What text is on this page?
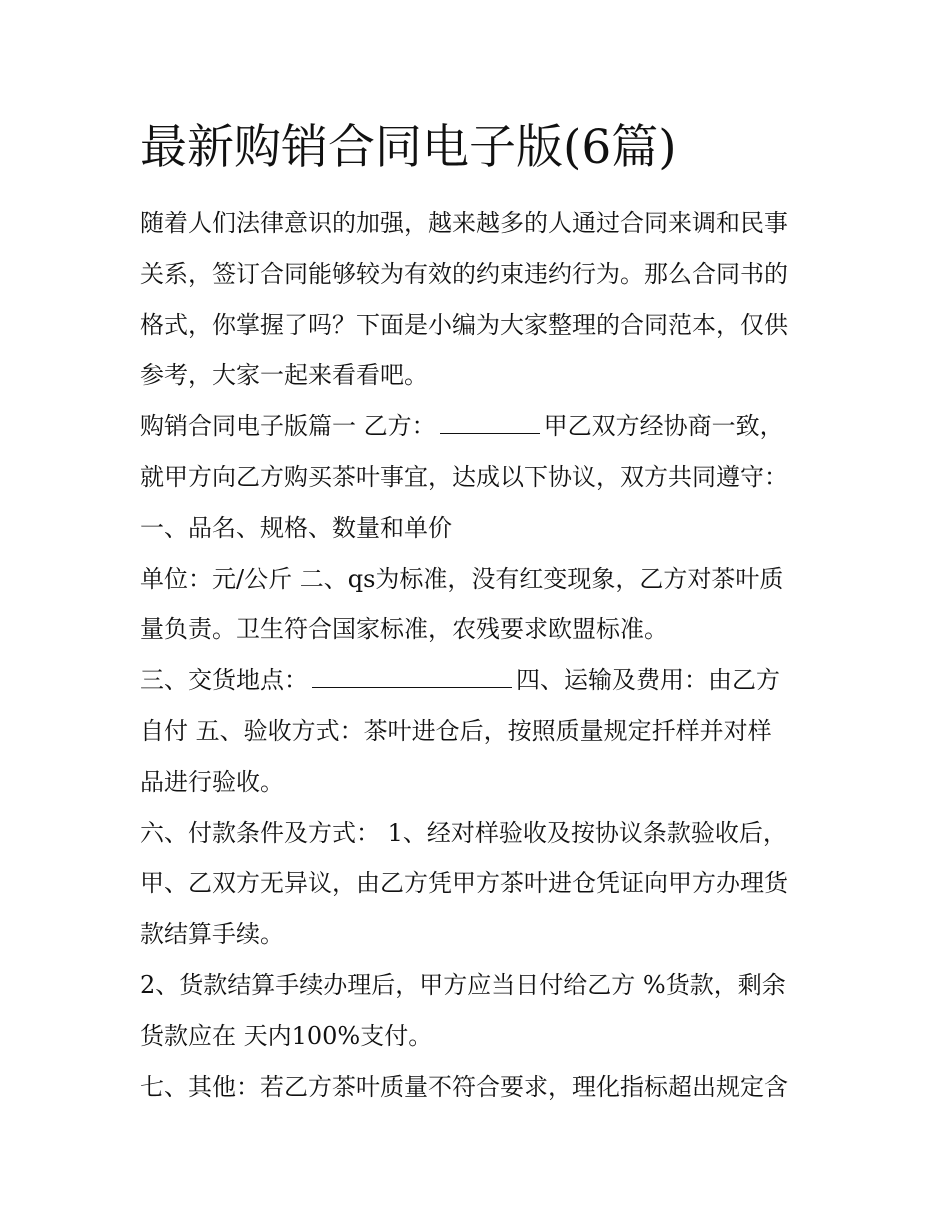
最新购销合同电子版(6篇)
随着人们法律意识的加强，越来越多的人通过合同来调和民事
关系，签订合同能够较为有效的约束违约行为。那么合同书的
格式，你掌握了吗？下面是小编为大家整理的合同范本，仅供
参考，大家一起来看看吧。
购销合同电子版篇一 乙方：	甲乙双方经协商一致，
就甲方向乙方购买茶叶事宜，达成以下协议，双方共同遵守：
一、品名、规格、数量和单价
单位：元/公斤 二、qs为标准，没有红变现象，乙方对茶叶质
量负责。卫生符合国家标准，农残要求欧盟标准。
三、交货地点：	四、运输及费用：由乙方
自付 五、验收方式：茶叶进仓后，按照质量规定扦样并对样
品进行验收。
六、付款条件及方式： 1、经对样验收及按协议条款验收后，
甲、乙双方无异议，由乙方凭甲方茶叶进仓凭证向甲方办理货
款结算手续。
2、货款结算手续办理后，甲方应当日付给乙方 %货款，剩余
货款应在 天内100%支付。
七、其他：若乙方茶叶质量不符合要求，理化指标超出规定含
